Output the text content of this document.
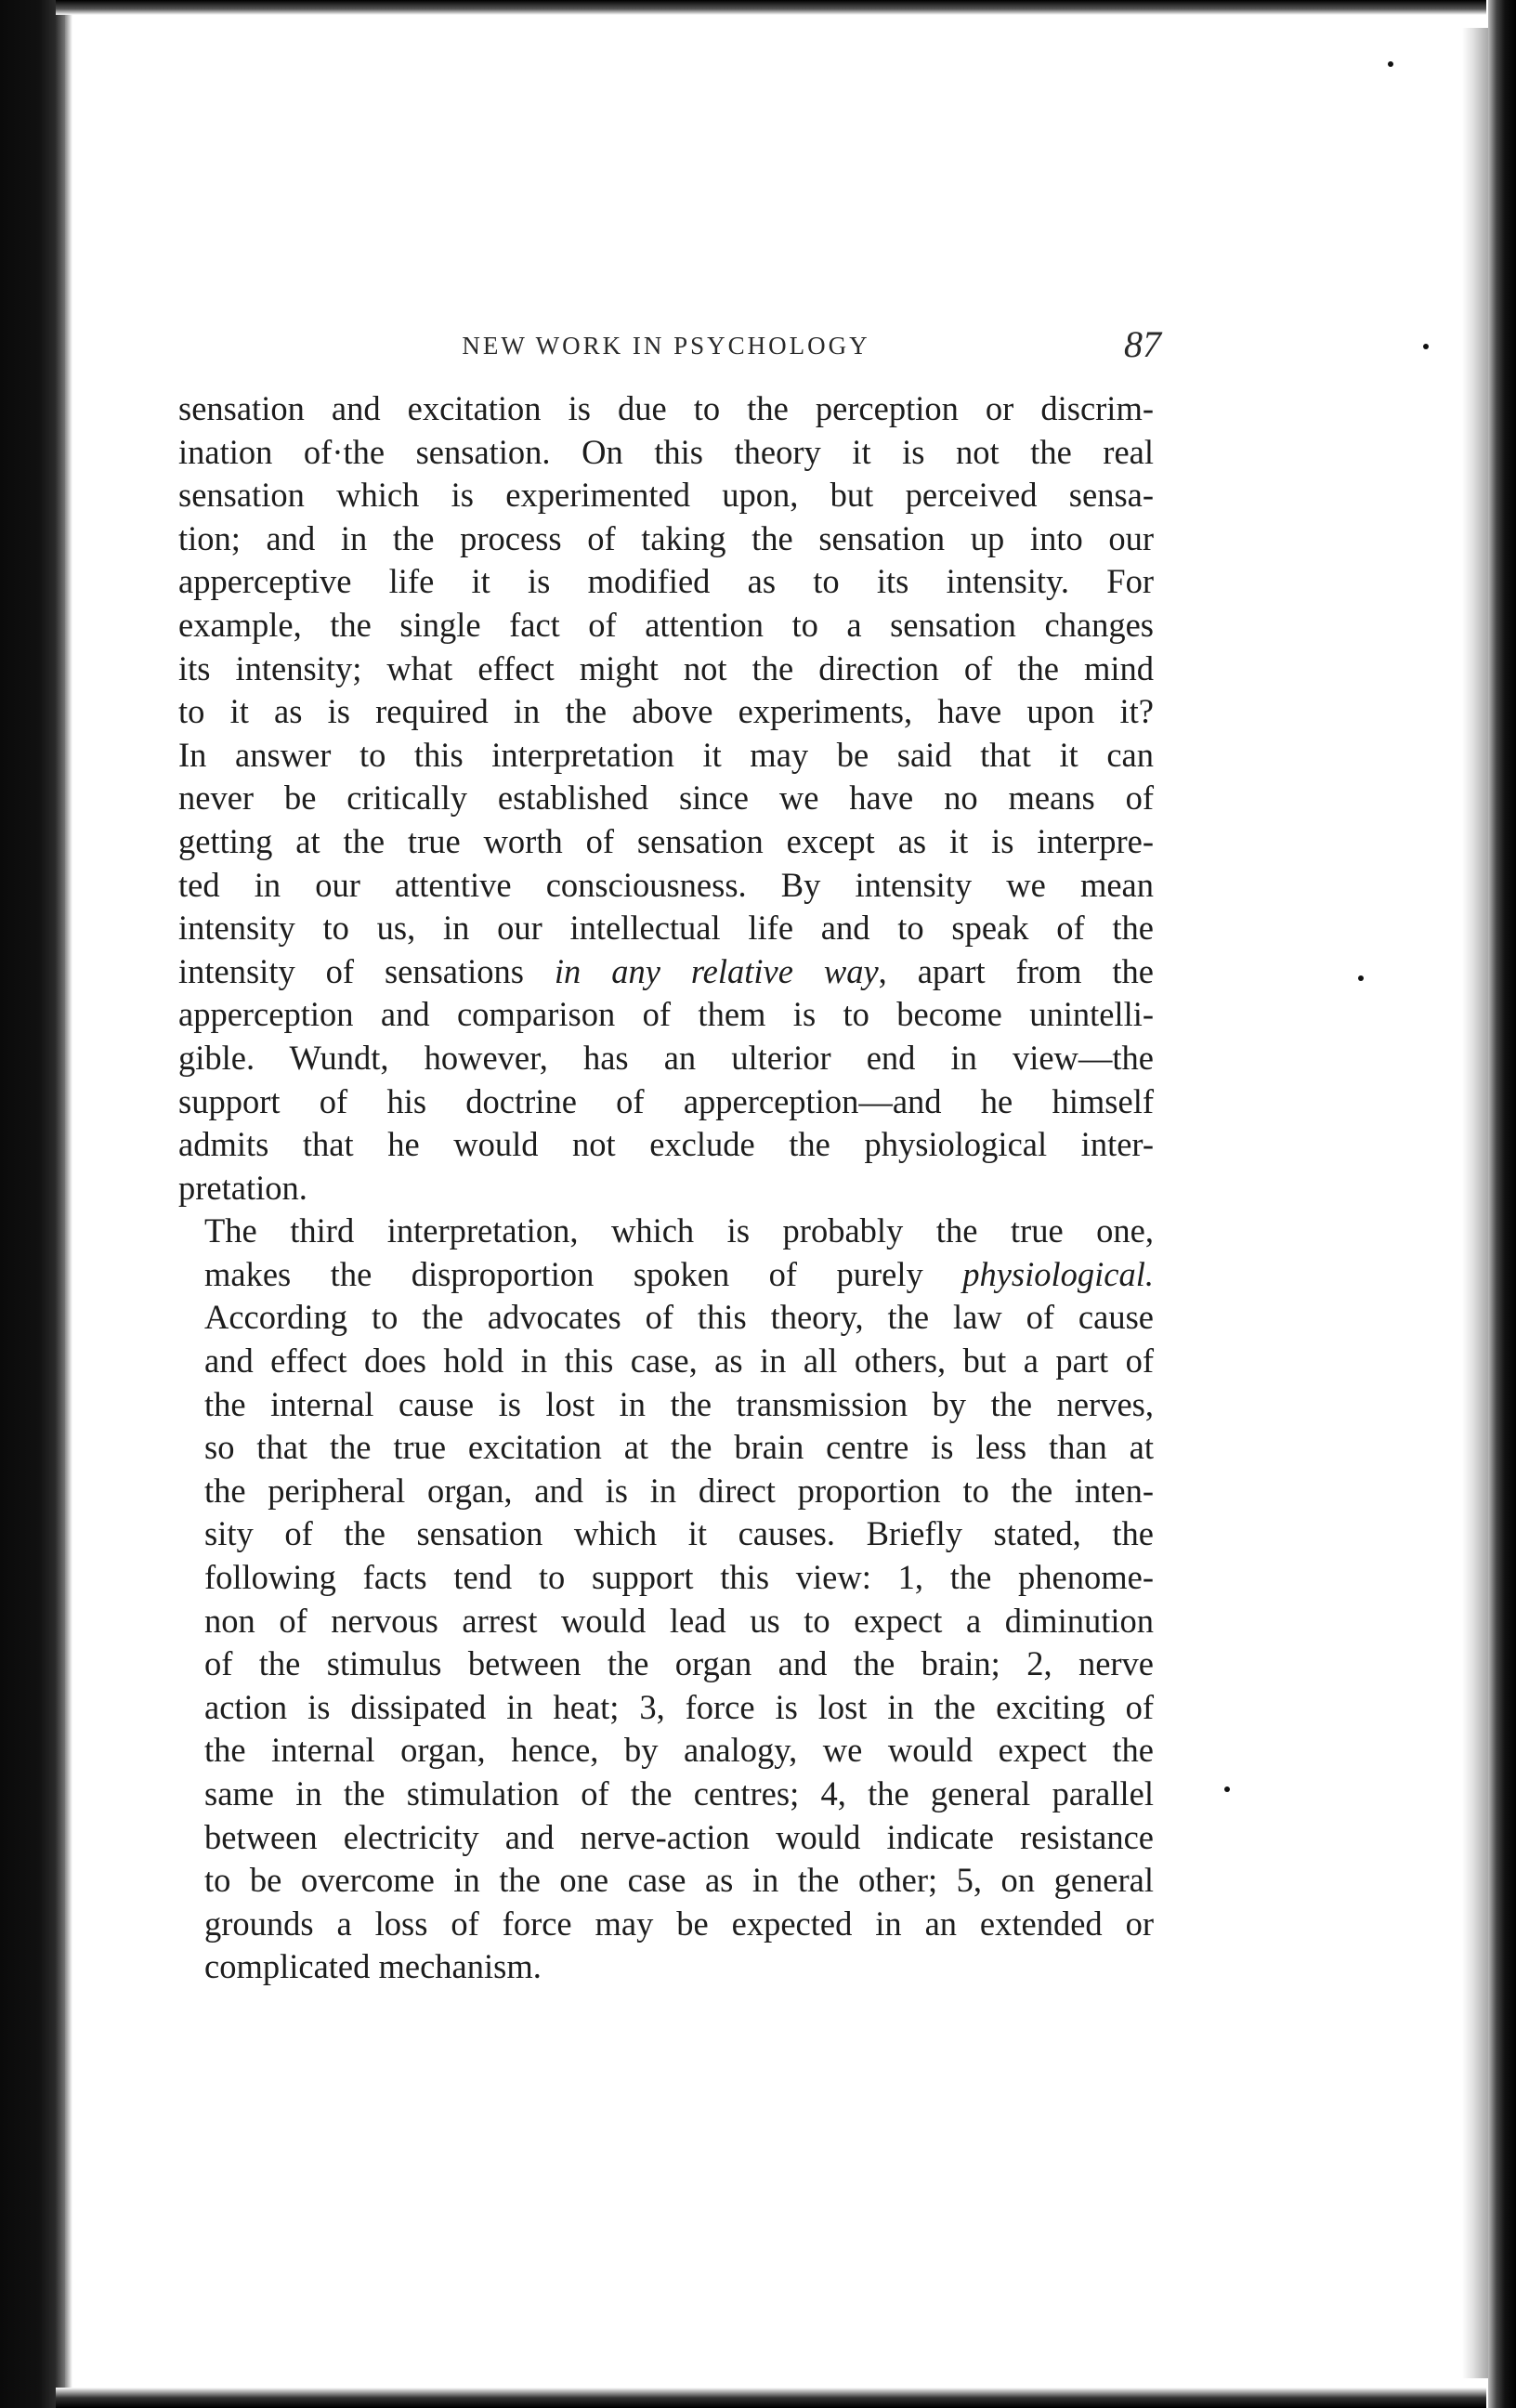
NEW WORK IN PSYCHOLOGY	87
sensation and excitation is due to the perception or discrim-
ination of·the sensation. On this theory it is not the real
sensation which is experimented upon, but perceived sensa-
tion; and in the process of taking the sensation up into our
apperceptive life it is modified as to its intensity. For
example, the single fact of attention to a sensation changes
its intensity; what effect might not the direction of the mind
to it as is required in the above experiments, have upon it?
In answer to this interpretation it may be said that it can
never be critically established since we have no means of
getting at the true worth of sensation except as it is interpre-
ted in our attentive consciousness. By intensity we mean
intensity to us, in our intellectual life and to speak of the
intensity of sensations in any relative way, apart from the
apperception and comparison of them is to become unintelli-
gible. Wundt, however, has an ulterior end in view—the
support of his doctrine of apperception—and he himself
admits that he would not exclude the physiological inter-
pretation.
The third interpretation, which is probably the true one,
makes the disproportion spoken of purely physiological.
According to the advocates of this theory, the law of cause
and effect does hold in this case, as in all others, but a part of
the internal cause is lost in the transmission by the nerves,
so that the true excitation at the brain centre is less than at
the peripheral organ, and is in direct proportion to the inten-
sity of the sensation which it causes. Briefly stated, the
following facts tend to support this view: 1, the phenome-
non of nervous arrest would lead us to expect a diminution
of the stimulus between the organ and the brain; 2, nerve
action is dissipated in heat; 3, force is lost in the exciting of
the internal organ, hence, by analogy, we would expect the
same in the stimulation of the centres; 4, the general parallel
between electricity and nerve-action would indicate resistance
to be overcome in the one case as in the other; 5, on general
grounds a loss of force may be expected in an extended or
complicated mechanism.
